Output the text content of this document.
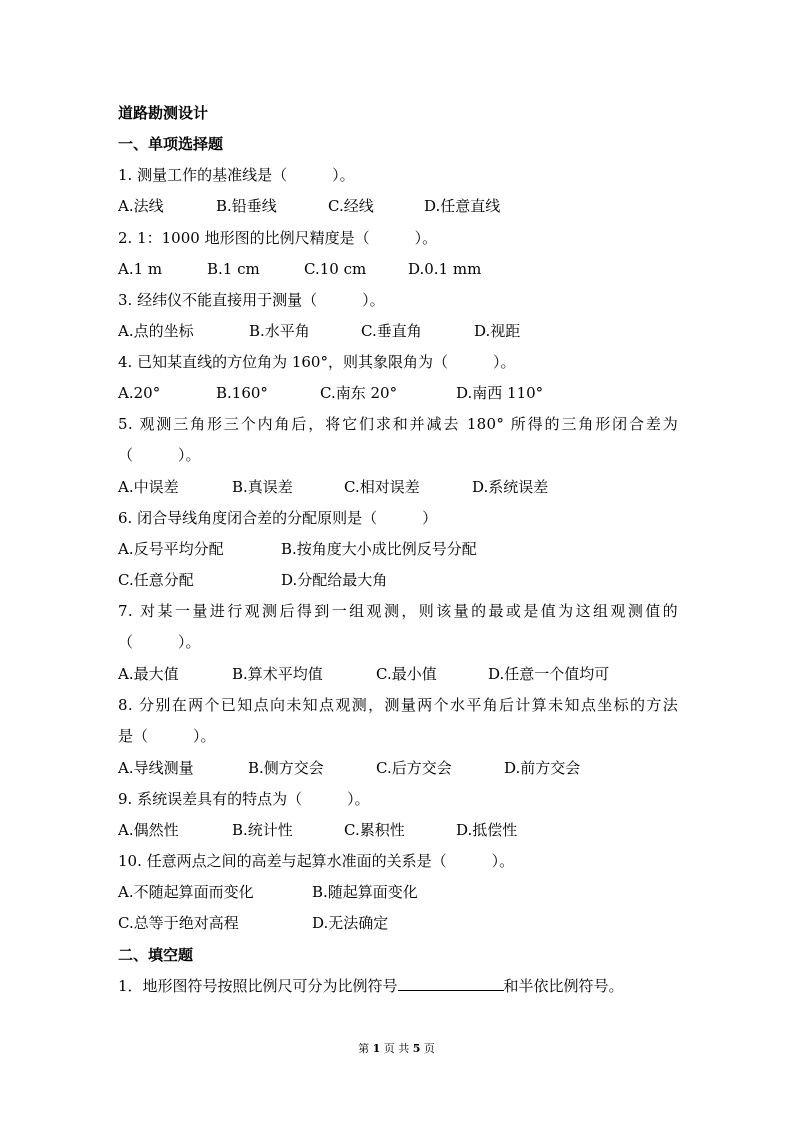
道路勘测设计
一、单项选择题
1. 测量工作的基准线是（　　　）。
A.法线	B.铅垂线	C.经线	D.任意直线
2. 1：1000 地形图的比例尺精度是（　　　）。
A.1 m	B.1 cm	C.10 cm	D.0.1 mm
3. 经纬仪不能直接用于测量（　　　）。
A.点的坐标	B.水平角	C.垂直角	D.视距
4. 已知某直线的方位角为 160°，则其象限角为（　　　）。
A.20°	B.160°	C.南东 20°	D.南西 110°
5. 观测三角形三个内角后，将它们求和并减去 180° 所得的三角形闭合差为
（　　　）。
A.中误差	B.真误差	C.相对误差	D.系统误差
6. 闭合导线角度闭合差的分配原则是（　　　）
A.反号平均分配	B.按角度大小成比例反号分配
C.任意分配	D.分配给最大角
7. 对某一量进行观测后得到一组观测，则该量的最或是值为这组观测值的
（　　　）。
A.最大值	B.算术平均值	C.最小值	D.任意一个值均可
8. 分别在两个已知点向未知点观测，测量两个水平角后计算未知点坐标的方法
是（　　　）。
A.导线测量	B.侧方交会	C.后方交会	D.前方交会
9. 系统误差具有的特点为（　　　）。
A.偶然性	B.统计性	C.累积性	D.抵偿性
10. 任意两点之间的高差与起算水准面的关系是（　　　）。
A.不随起算面而变化	B.随起算面变化
C.总等于绝对高程	D.无法确定
二、填空题
1．地形图符号按照比例尺可分为比例符号	和半依比例符号。
第 1 页 共 5 页
